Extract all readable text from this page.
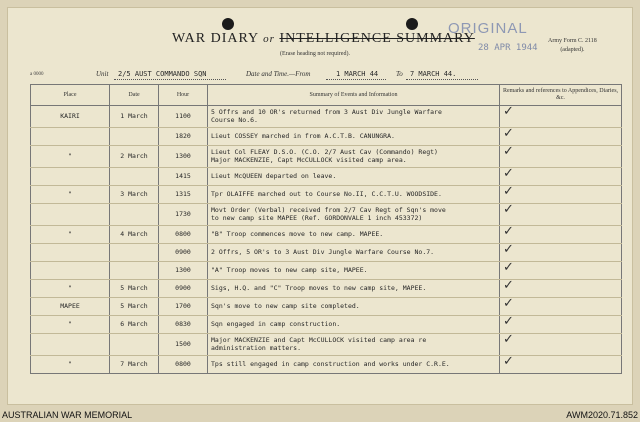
WAR DIARY or INTELLIGENCE SUMMARY
(Erase heading not required).
ORIGINAL
28 APR 1944
Army Form C. 2118
(adapted).
a 0000	Unit 2/5 AUST COMMANDO SQN	Date and Time.—From	1 MARCH 44	To 7 MARCH 44.
Place	Date	Hour	Summary of Events and Information	Remarks and references to Appendices, Diaries, &c.
KAIRI	1 March	1100	5 Offrs and 10 OR's returned from 3 Aust Div Jungle Warfare
Course No.6.	✓

		1820	Lieut COSSEY marched in from A.C.T.B. CANUNGRA.	✓

"	2 March	1300	Lieut Col FLEAY D.S.O. (C.O. 2/7 Aust Cav (Commando) Regt)
Major MACKENZIE, Capt McCULLOCK visited camp area.	✓

		1415	Lieut McQUEEN departed on leave.	✓

"	3 March	1315	Tpr OLAIFFE marched out to Course No.II, C.C.T.U. WOODSIDE.	✓

		1730	Movt Order (Verbal) received from 2/7 Cav Regt of Sqn's move
to new camp site MAPEE (Ref. GORDONVALE 1 inch 453372)	✓

"	4 March	0800	"B" Troop commences move to new camp. MAPEE.	✓

		0900	2 Offrs, 5 OR's to 3 Aust Div Jungle Warfare Course No.7.	✓

		1300	"A" Troop moves to new camp site, MAPEE.	✓

"	5 March	0900	Sigs, H.Q. and "C" Troop moves to new camp site, MAPEE.	✓

MAPEE	5 March	1700	Sqn's move to new camp site completed.	✓

"	6 March	0830	Sqn engaged in camp construction.	✓

		1500	Major MACKENZIE and Capt McCULLOCK visited camp area re
administration matters.	✓

"	7 March	0800	Tps still engaged in camp construction and works under C.R.E.	✓
AUSTRALIAN WAR MEMORIAL	AWM2020.71.852
